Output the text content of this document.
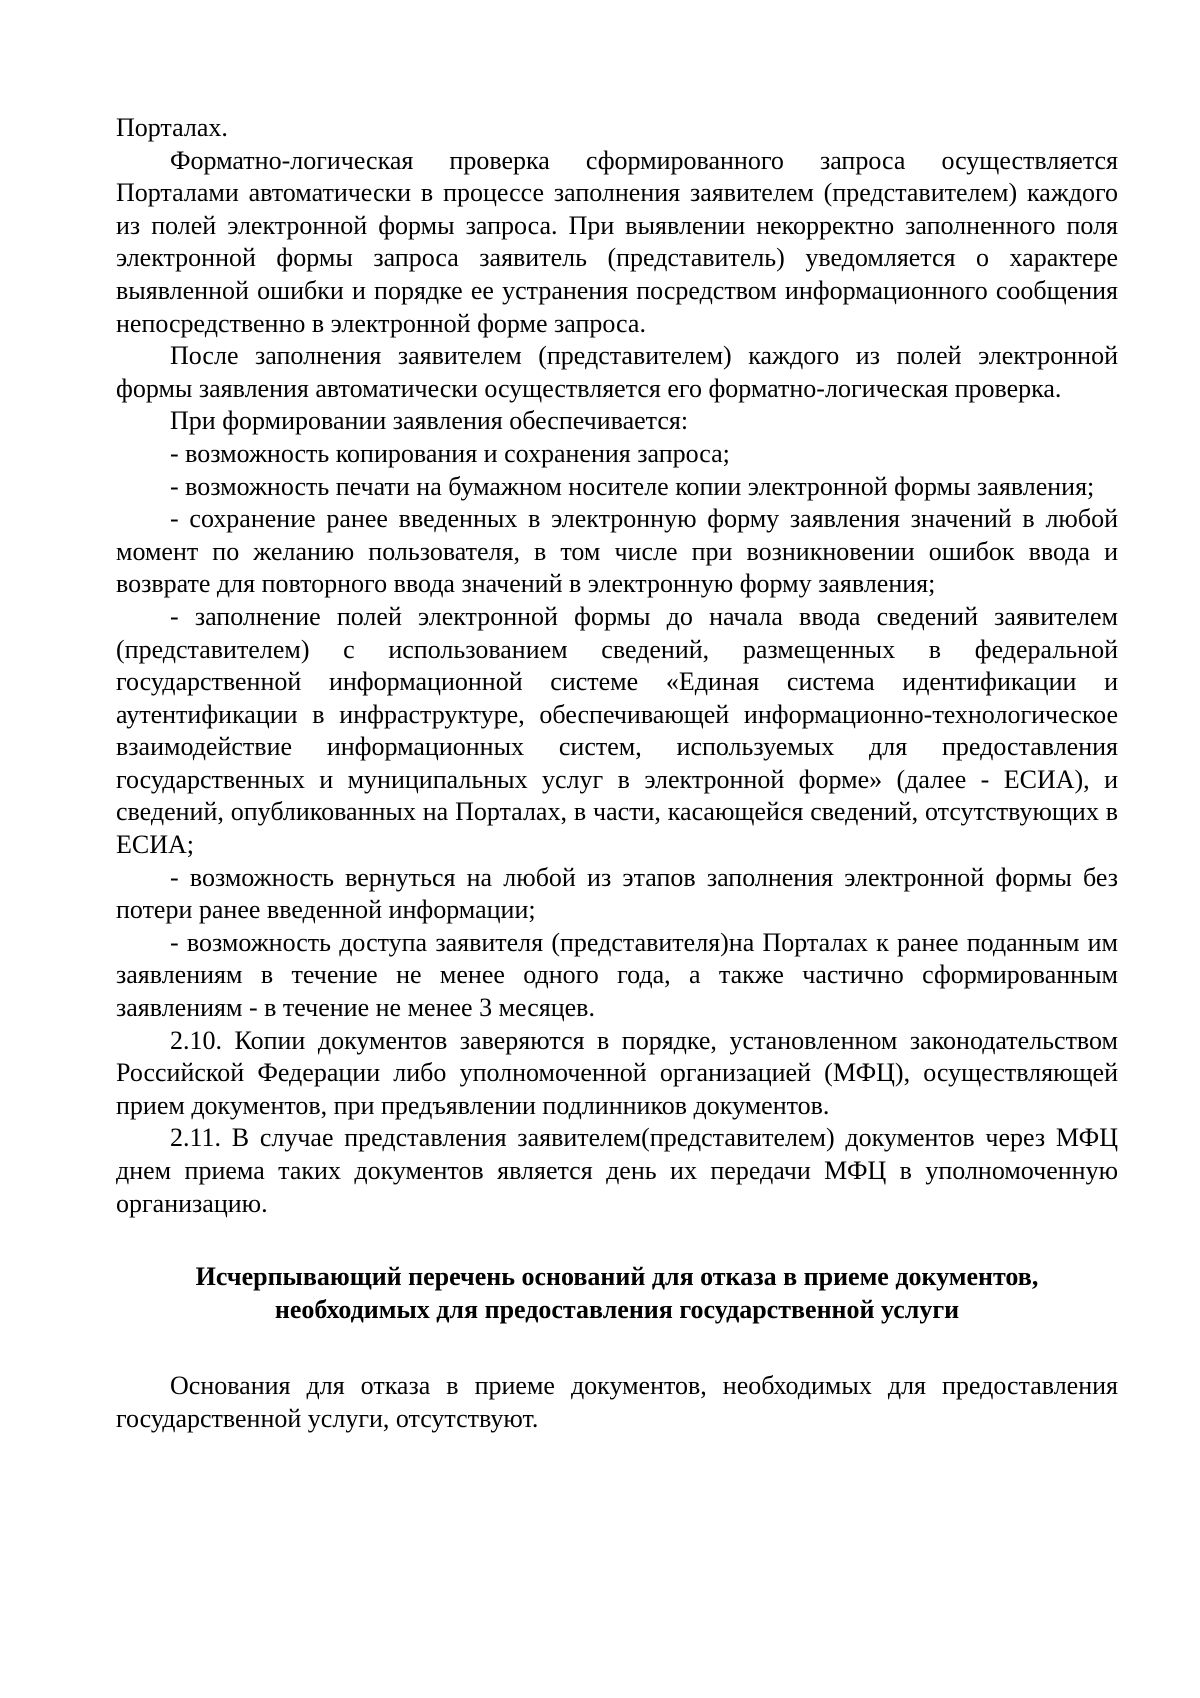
Порталах.

Форматно-логическая проверка сформированного запроса осуществляется Порталами автоматически в процессе заполнения заявителем (представителем) каждого из полей электронной формы запроса. При выявлении некорректно заполненного поля электронной формы запроса заявитель (представитель) уведомляется о характере выявленной ошибки и порядке ее устранения посредством информационного сообщения непосредственно в электронной форме запроса.

После заполнения заявителем (представителем) каждого из полей электронной формы заявления автоматически осуществляется его форматно-логическая проверка.

При формировании заявления обеспечивается:

- возможность копирования и сохранения запроса;

- возможность печати на бумажном носителе копии электронной формы заявления;

- сохранение ранее введенных в электронную форму заявления значений в любой момент по желанию пользователя, в том числе при возникновении ошибок ввода и возврате для повторного ввода значений в электронную форму заявления;

- заполнение полей электронной формы до начала ввода сведений заявителем (представителем) с использованием сведений, размещенных в федеральной государственной информационной системе «Единая система идентификации и аутентификации в инфраструктуре, обеспечивающей информационно-технологическое взаимодействие информационных систем, используемых для предоставления государственных и муниципальных услуг в электронной форме» (далее - ЕСИА), и сведений, опубликованных на Порталах, в части, касающейся сведений, отсутствующих в ЕСИА;

- возможность вернуться на любой из этапов заполнения электронной формы без потери ранее введенной информации;

- возможность доступа заявителя (представителя)на Порталах к ранее поданным им заявлениям в течение не менее одного года, а также частично сформированным заявлениям - в течение не менее 3 месяцев.

2.10. Копии документов заверяются в порядке, установленном законодательством Российской Федерации либо уполномоченной организацией (МФЦ), осуществляющей прием документов, при предъявлении подлинников документов.

2.11. В случае представления заявителем(представителем) документов через МФЦ днем приема таких документов является день их передачи МФЦ в уполномоченную организацию.

Исчерпывающий перечень оснований для отказа в приеме документов,
необходимых для предоставления государственной услуги

Основания для отказа в приеме документов, необходимых для предоставления государственной услуги, отсутствуют.
